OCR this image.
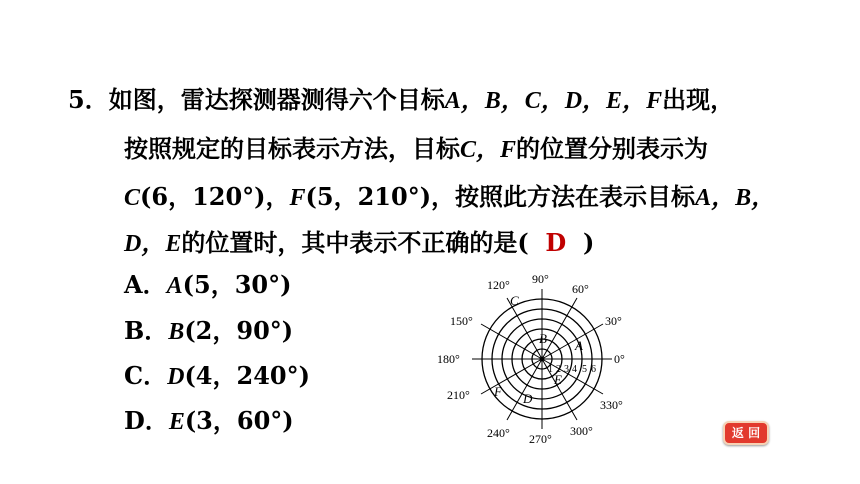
5．如图，雷达探测器测得六个目标A，B，C，D，E，F出现，
按照规定的目标表示方法，目标C，F的位置分别表示为
C(6，120°)，F(5，210°)，按照此方法在表示目标A，B，
D，E的位置时，其中表示不正确的是( D )
A．A(5，30°)
B．B(2，90°)
C．D(4，240°)
D．E(3，60°)
0°
30°
60°
90°
120°
150°
180°
210°
240° 270°
300°
330°
1 2 3 4 5 6
A
B
C
D
E
F
返 回
